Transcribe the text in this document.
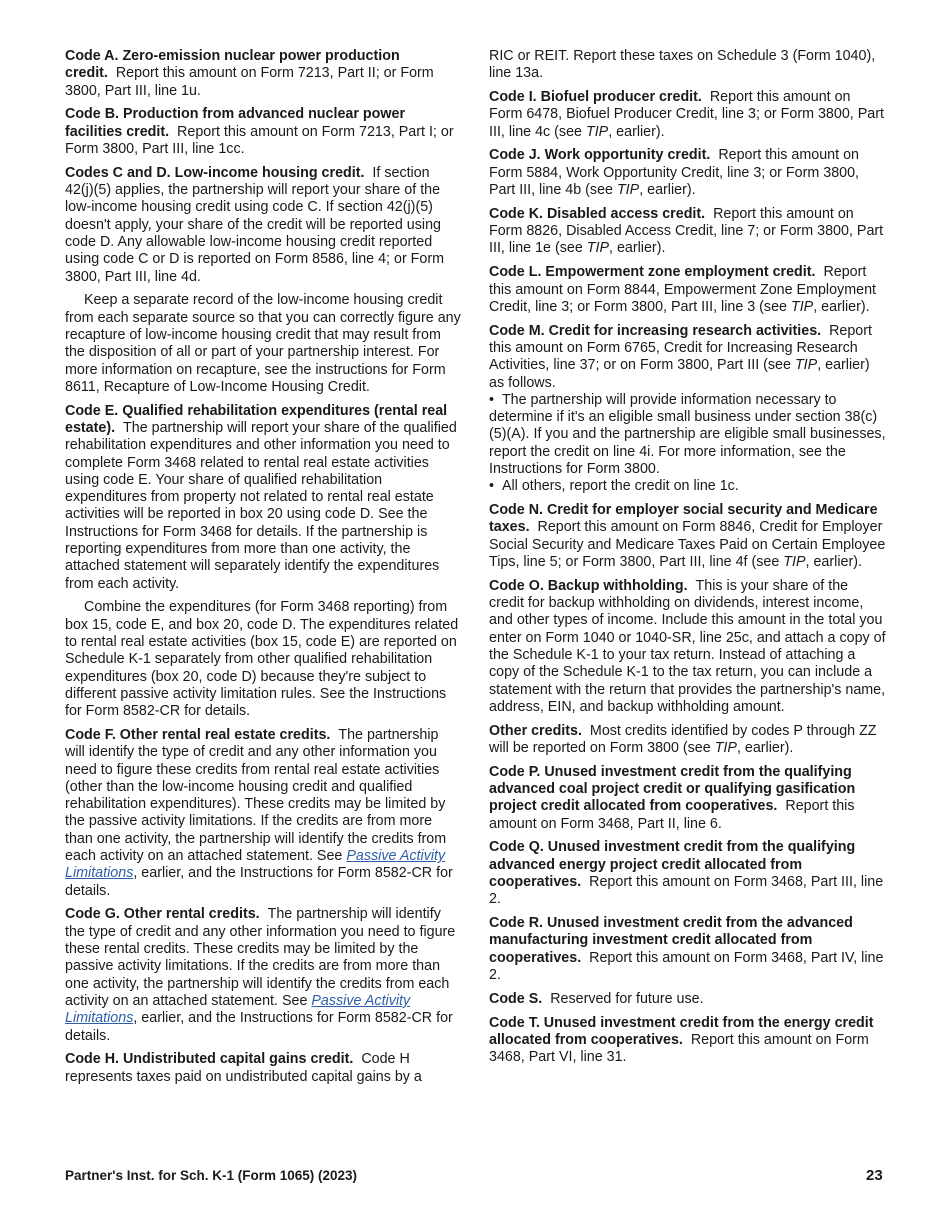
Code A. Zero-emission nuclear power production credit. Report this amount on Form 7213, Part II; or Form 3800, Part III, line 1u.
Code B. Production from advanced nuclear power facilities credit. Report this amount on Form 7213, Part I; or Form 3800, Part III, line 1cc.
Codes C and D. Low-income housing credit. If section 42(j)(5) applies, the partnership will report your share of the low-income housing credit using code C. If section 42(j)(5) doesn't apply, your share of the credit will be reported using code D. Any allowable low-income housing credit reported using code C or D is reported on Form 8586, line 4; or Form 3800, Part III, line 4d.
Keep a separate record of the low-income housing credit from each separate source so that you can correctly figure any recapture of low-income housing credit that may result from the disposition of all or part of your partnership interest. For more information on recapture, see the instructions for Form 8611, Recapture of Low-Income Housing Credit.
Code E. Qualified rehabilitation expenditures (rental real estate). The partnership will report your share of the qualified rehabilitation expenditures and other information you need to complete Form 3468 related to rental real estate activities using code E. Your share of qualified rehabilitation expenditures from property not related to rental real estate activities will be reported in box 20 using code D. See the Instructions for Form 3468 for details. If the partnership is reporting expenditures from more than one activity, the attached statement will separately identify the expenditures from each activity.
Combine the expenditures (for Form 3468 reporting) from box 15, code E, and box 20, code D. The expenditures related to rental real estate activities (box 15, code E) are reported on Schedule K-1 separately from other qualified rehabilitation expenditures (box 20, code D) because they're subject to different passive activity limitation rules. See the Instructions for Form 8582-CR for details.
Code F. Other rental real estate credits. The partnership will identify the type of credit and any other information you need to figure these credits from rental real estate activities (other than the low-income housing credit and qualified rehabilitation expenditures). These credits may be limited by the passive activity limitations. If the credits are from more than one activity, the partnership will identify the credits from each activity on an attached statement. See Passive Activity Limitations, earlier, and the Instructions for Form 8582-CR for details.
Code G. Other rental credits. The partnership will identify the type of credit and any other information you need to figure these rental credits. These credits may be limited by the passive activity limitations. If the credits are from more than one activity, the partnership will identify the credits from each activity on an attached statement. See Passive Activity Limitations, earlier, and the Instructions for Form 8582-CR for details.
Code H. Undistributed capital gains credit. Code H represents taxes paid on undistributed capital gains by a
RIC or REIT. Report these taxes on Schedule 3 (Form 1040), line 13a.
Code I. Biofuel producer credit. Report this amount on Form 6478, Biofuel Producer Credit, line 3; or Form 3800, Part III, line 4c (see TIP, earlier).
Code J. Work opportunity credit. Report this amount on Form 5884, Work Opportunity Credit, line 3; or Form 3800, Part III, line 4b (see TIP, earlier).
Code K. Disabled access credit. Report this amount on Form 8826, Disabled Access Credit, line 7; or Form 3800, Part III, line 1e (see TIP, earlier).
Code L. Empowerment zone employment credit. Report this amount on Form 8844, Empowerment Zone Employment Credit, line 3; or Form 3800, Part III, line 3 (see TIP, earlier).
Code M. Credit for increasing research activities. Report this amount on Form 6765, Credit for Increasing Research Activities, line 37; or on Form 3800, Part III (see TIP, earlier) as follows.
•  The partnership will provide information necessary to determine if it's an eligible small business under section 38(c)(5)(A). If you and the partnership are eligible small businesses, report the credit on line 4i. For more information, see the Instructions for Form 3800.
•  All others, report the credit on line 1c.
Code N. Credit for employer social security and Medicare taxes. Report this amount on Form 8846, Credit for Employer Social Security and Medicare Taxes Paid on Certain Employee Tips, line 5; or Form 3800, Part III, line 4f (see TIP, earlier).
Code O. Backup withholding. This is your share of the credit for backup withholding on dividends, interest income, and other types of income. Include this amount in the total you enter on Form 1040 or 1040-SR, line 25c, and attach a copy of the Schedule K-1 to your tax return. Instead of attaching a copy of the Schedule K-1 to the tax return, you can include a statement with the return that provides the partnership's name, address, EIN, and backup withholding amount.
Other credits. Most credits identified by codes P through ZZ will be reported on Form 3800 (see TIP, earlier).
Code P. Unused investment credit from the qualifying advanced coal project credit or qualifying gasification project credit allocated from cooperatives. Report this amount on Form 3468, Part II, line 6.
Code Q. Unused investment credit from the qualifying advanced energy project credit allocated from cooperatives. Report this amount on Form 3468, Part III, line 2.
Code R. Unused investment credit from the advanced manufacturing investment credit allocated from cooperatives. Report this amount on Form 3468, Part IV, line 2.
Code S. Reserved for future use.
Code T. Unused investment credit from the energy credit allocated from cooperatives. Report this amount on Form 3468, Part VI, line 31.
Partner's Inst. for Sch. K-1 (Form 1065) (2023)	23
